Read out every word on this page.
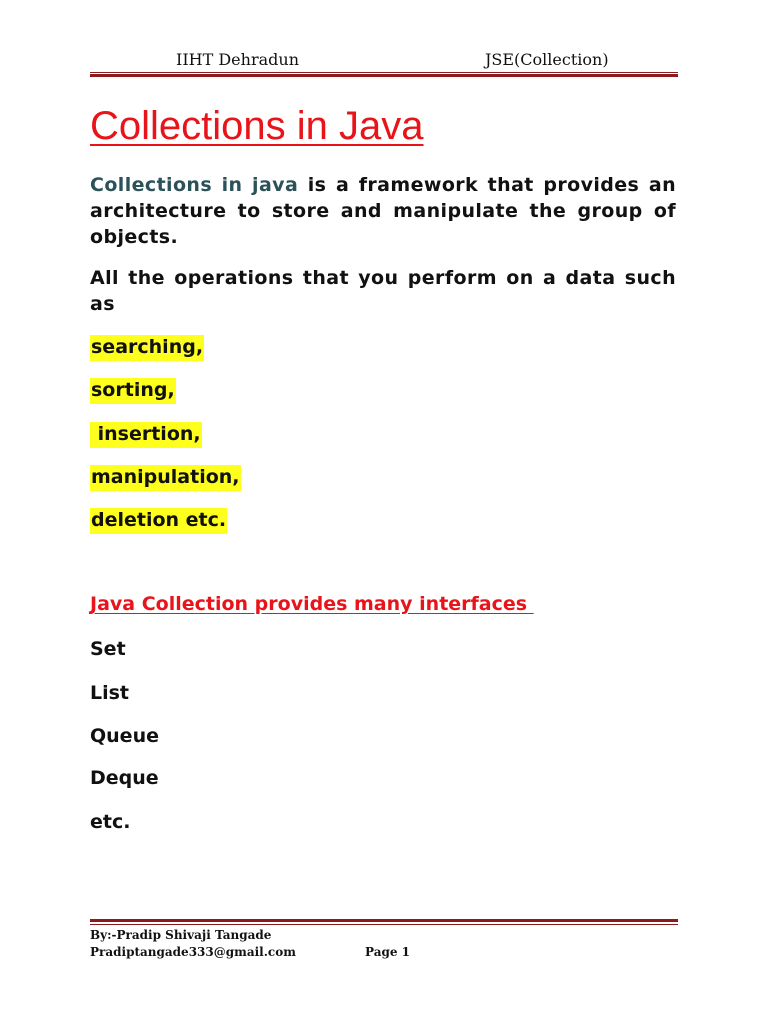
IIHT Dehradun	JSE(Collection)
Collections in Java
Collections in java is a framework that provides an architecture to store and manipulate the group of objects.
All the operations that you perform on a data such as
searching,
sorting,
insertion,
manipulation,
deletion etc.
Java Collection provides many interfaces
Set
List
Queue
Deque
etc.
By:-Pradip Shivaji Tangade
Pradiptangade333@gmail.com	Page 1
